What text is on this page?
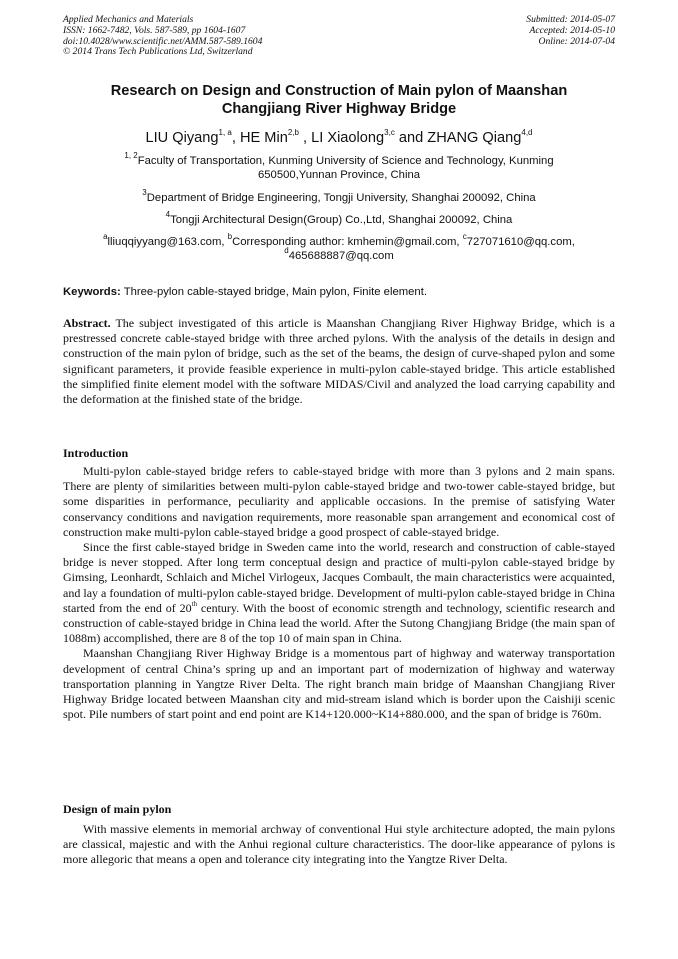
Applied Mechanics and Materials
ISSN: 1662-7482, Vols. 587-589, pp 1604-1607
doi:10.4028/www.scientific.net/AMM.587-589.1604
© 2014 Trans Tech Publications Ltd, Switzerland
Submitted: 2014-05-07
Accepted: 2014-05-10
Online: 2014-07-04
Research on Design and Construction of Main pylon of Maanshan
Changjiang River Highway Bridge
LIU Qiyang$^{1, a}$, HE Min$^{2,b}$ , LI Xiaolong$^{3,c}$ and ZHANG Qiang$^{4,d}$
$^{1, 2}$Faculty of Transportation, Kunming University of Science and Technology, Kunming
650500,Yunnan Province, China
$^3$Department of Bridge Engineering, Tongji University, Shanghai 200092, China
$^4$Tongji Architectural Design(Group) Co.,Ltd, Shanghai 200092, China
$^a$lliuqqiyyang@163.com, $^b$Corresponding author: kmhemin@gmail.com, $^c$727071610@qq.com,
$^d$465688887@qq.com
Keywords: Three-pylon cable-stayed bridge, Main pylon, Finite element.
Abstract. The subject investigated of this article is Maanshan Changjiang River Highway Bridge, which is a prestressed concrete cable-stayed bridge with three arched pylons. With the analysis of the details in design and construction of the main pylon of bridge, such as the set of the beams, the design of curve-shaped pylon and some significant parameters, it provide feasible experience in multi-pylon cable-stayed bridge. This article established the simplified finite element model with the software MIDAS/Civil and analyzed the load carrying capability and the deformation at the finished state of the bridge.
Introduction

Multi-pylon cable-stayed bridge refers to cable-stayed bridge with more than 3 pylons and 2 main spans. There are plenty of similarities between multi-pylon cable-stayed bridge and two-tower cable-stayed bridge, but some disparities in performance, peculiarity and applicable occasions. In the premise of satisfying Water conservancy conditions and navigation requirements, more reasonable span arrangement and economical cost of construction make multi-pylon cable-stayed bridge a good prospect of cable-stayed bridge.

Since the first cable-stayed bridge in Sweden came into the world, research and construction of cable-stayed bridge is never stopped. After long term conceptual design and practice of multi-pylon cable-stayed bridge by Gimsing, Leonhardt, Schlaich and Michel Virlogeux, Jacques Combault, the main characteristics were acquainted, and lay a foundation of multi-pylon cable-stayed bridge. Development of multi-pylon cable-stayed bridge in China started from the end of 20th century. With the boost of economic strength and technology, scientific research and construction of cable-stayed bridge in China lead the world. After the Sutong Changjiang Bridge (the main span of 1088m) accomplished, there are 8 of the top 10 of main span in China.

Maanshan Changjiang River Highway Bridge is a momentous part of highway and waterway transportation development of central China’s spring up and an important part of modernization of highway and waterway transportation planning in Yangtze River Delta. The right branch main bridge of Maanshan Changjiang River Highway Bridge located between Maanshan city and mid-stream island which is border upon the Caishiji scenic spot. Pile numbers of start point and end point are K14+120.000~K14+880.000, and the span of bridge is 760m.

Design of main pylon

With massive elements in memorial archway of conventional Hui style architecture adopted, the main pylons are classical, majestic and with the Anhui regional culture characteristics. The door-like appearance of pylons is more allegoric that means a open and tolerance city integrating into the Yangtze River Delta.
